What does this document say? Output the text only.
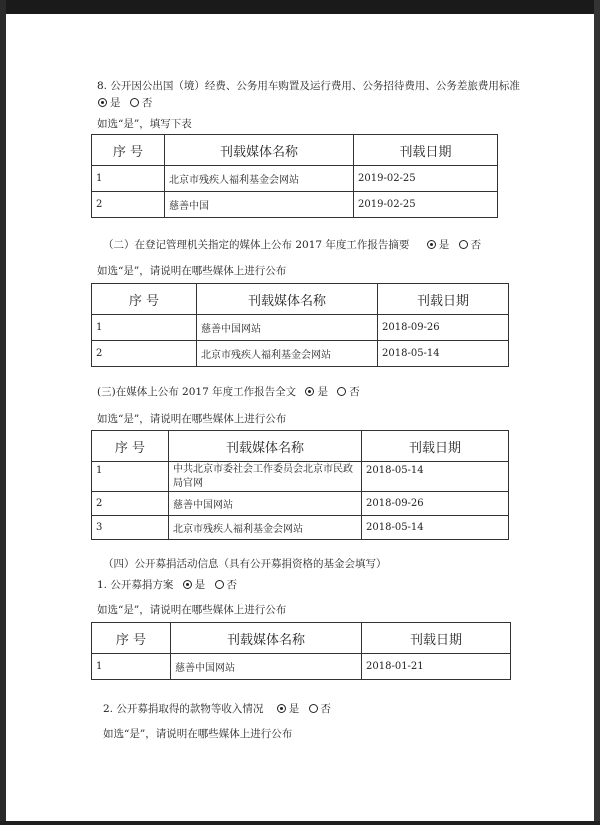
8. 公开因公出国（境）经费、公务用车购置及运行费用、公务招待费用、公务差旅费用标准
是 否
如选“是”，填写下表
序 号	刊载媒体名称	刊载日期
1	北京市残疾人福利基金会网站	2019-02-25
2	慈善中国	2019-02-25
（二）在登记管理机关指定的媒体上公布 2017 年度工作报告摘要	是 否
如选“是”，请说明在哪些媒体上进行公布
序 号	刊载媒体名称	刊载日期
1	慈善中国网站	2018-09-26
2	北京市残疾人福利基金会网站	2018-05-14
(三)在媒体上公布 2017 年度工作报告全文 是 否
如选“是”，请说明在哪些媒体上进行公布
序 号	刊载媒体名称	刊载日期
1	中共北京市委社会工作委员会北京市民政局官网	2018-05-14
2	慈善中国网站	2018-09-26
3	北京市残疾人福利基金会网站	2018-05-14
（四）公开募捐活动信息（具有公开募捐资格的基金会填写）
1. 公开募捐方案 是 否
如选“是”，请说明在哪些媒体上进行公布
序 号	刊载媒体名称	刊载日期
1	慈善中国网站	2018-01-21
2. 公开募捐取得的款物等收入情况 是 否
如选“是”，请说明在哪些媒体上进行公布
